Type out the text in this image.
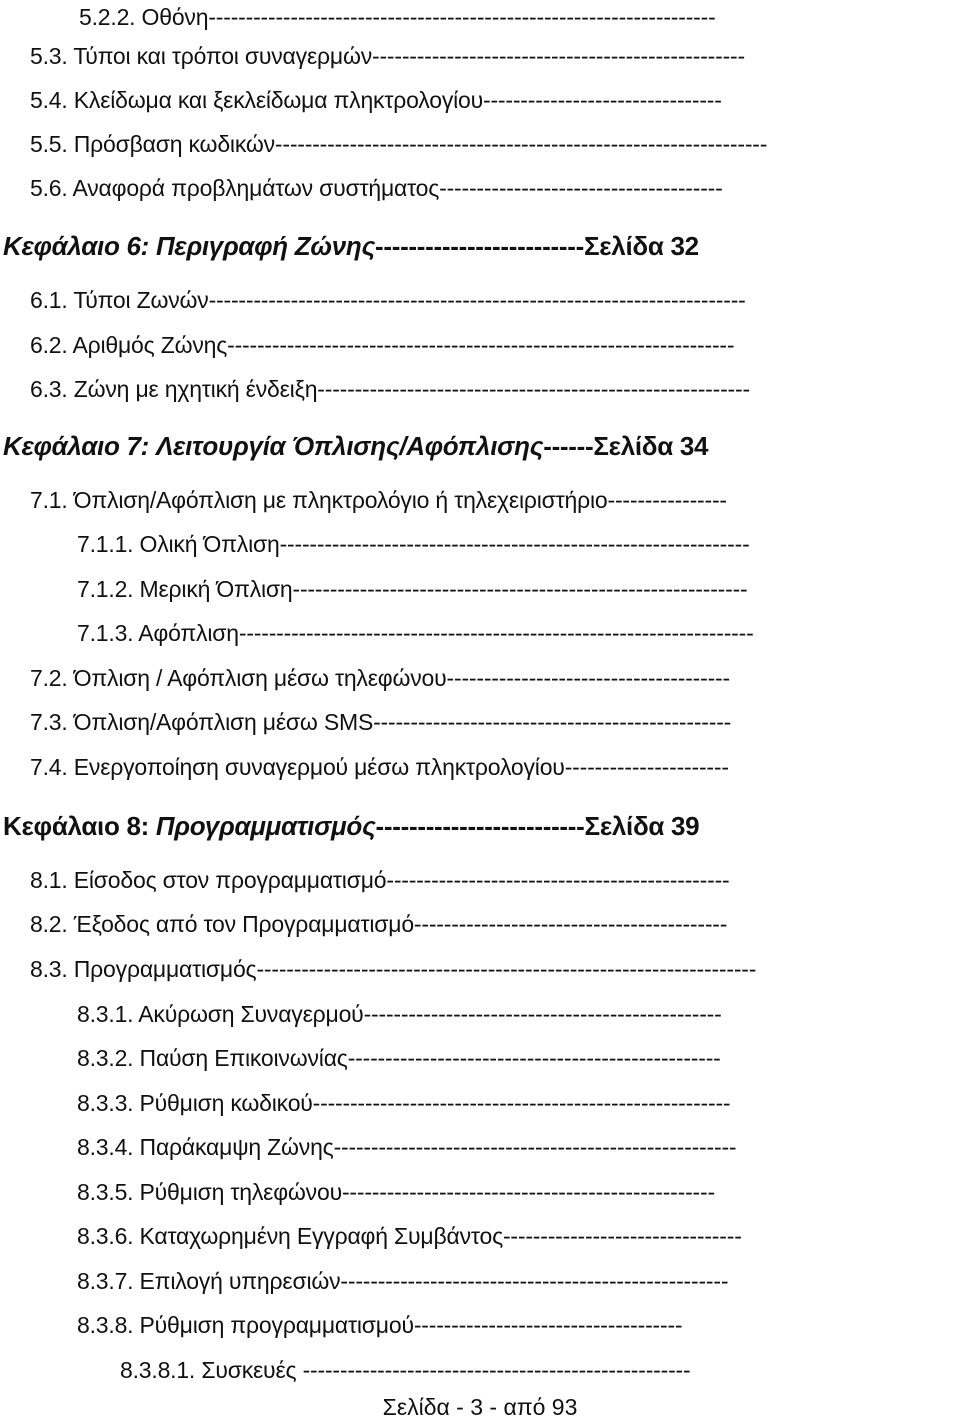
5.2.2. Οθόνη--------------------------------------------------------------------
5.3. Τύποι και τρόποι συναγερμών--------------------------------------------------
5.4. Κλείδωμα και ξεκλείδωμα πληκτρολογίου--------------------------------
5.5. Πρόσβαση κωδικών------------------------------------------------------------------
5.6. Αναφορά προβλημάτων συστήματος--------------------------------------
Κεφάλαιο 6: Περιγραφή Ζώνης-------------------------Σελίδα 32
6.1. Τύποι Ζωνών------------------------------------------------------------------------
6.2. Αριθμός Ζώνης--------------------------------------------------------------------
6.3. Ζώνη με ηχητική ένδειξη----------------------------------------------------------
Κεφάλαιο 7: Λειτουργία Όπλισης/Αφόπλισης------Σελίδα 34
7.1. Όπλιση/Αφόπλιση με πληκτρολόγιο ή τηλεχειριστήριο----------------
7.1.1. Ολική Όπλιση---------------------------------------------------------------
7.1.2. Μερική Όπλιση-------------------------------------------------------------
7.1.3. Αφόπλιση---------------------------------------------------------------------
7.2. Όπλιση / Αφόπλιση μέσω τηλεφώνου--------------------------------------
7.3. Όπλιση/Αφόπλιση μέσω SMS------------------------------------------------
7.4. Ενεργοποίηση συναγερμού μέσω πληκτρολογίου----------------------
Κεφάλαιο 8: Προγραμματισμός-------------------------Σελίδα 39
8.1. Είσοδος στον προγραμματισμό----------------------------------------------
8.2. Έξοδος από τον Προγραμματισμό------------------------------------------
8.3. Προγραμματισμός-------------------------------------------------------------------
8.3.1. Ακύρωση Συναγερμού------------------------------------------------
8.3.2. Παύση Επικοινωνίας--------------------------------------------------
8.3.3. Ρύθμιση κωδικού--------------------------------------------------------
8.3.4. Παράκαμψη Ζώνης------------------------------------------------------
8.3.5. Ρύθμιση τηλεφώνου--------------------------------------------------
8.3.6. Καταχωρημένη Εγγραφή Συμβάντος--------------------------------
8.3.7. Επιλογή υπηρεσιών----------------------------------------------------
8.3.8. Ρύθμιση προγραμματισμού------------------------------------
8.3.8.1. Συσκευές ----------------------------------------------------
Σελίδα - 3 - από 93
